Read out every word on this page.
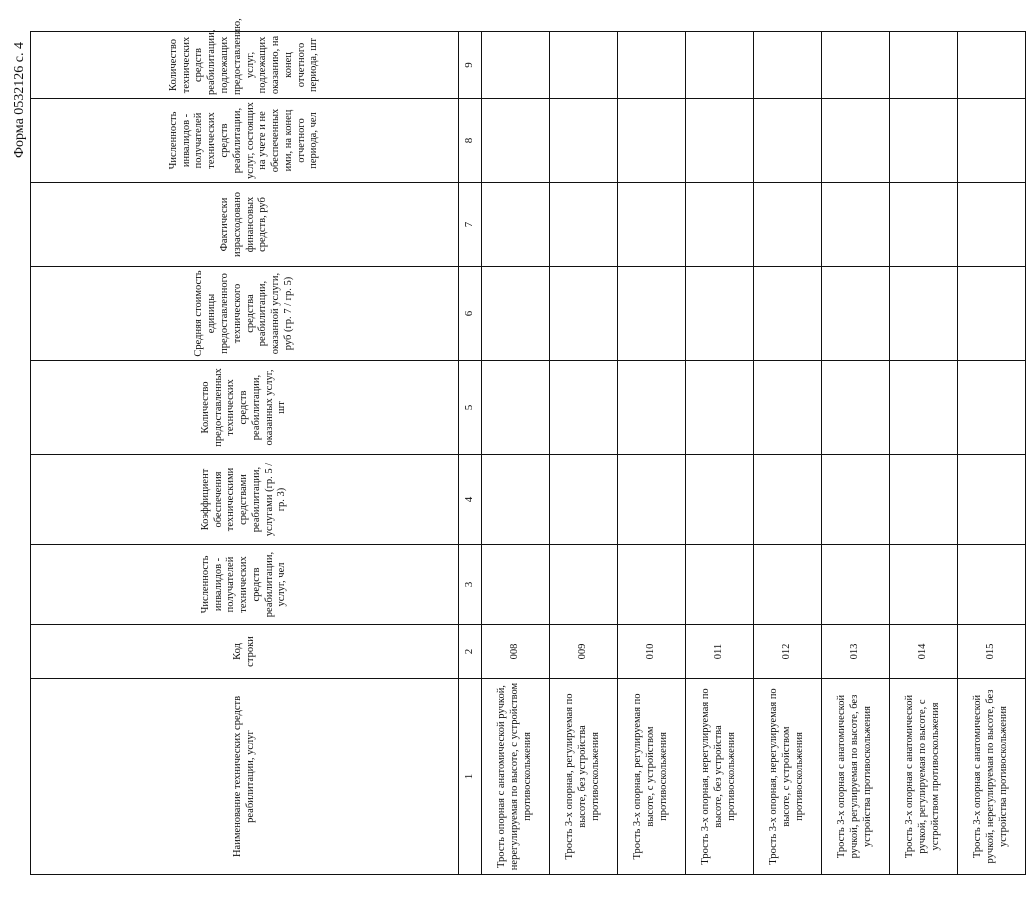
Форма 0532126 с. 4
Наименование технических средств реабилитации, услуг	Код строки	Численность инвалидов - получателей технических средств реабилитации, услуг, чел	Коэффициент обеспечения техническими средствами реабилитации, услугами (гр. 5 / гр. 3)	Количество предоставленных технических средств реабилитации, оказанных услуг, шт	Средняя стоимость единицы предоставленного технического средства реабилитации, оказанной услуги, руб (гр. 7 / гр. 5)	Фактически израсходовано финансовых средств, руб	Численность инвалидов - получателей технических средств реабилитации, услуг, состоящих на учете и не обеспеченных ими, на конец отчетного периода, чел	Количество технических средств реабилитации, подлежащих предоставлению, услуг, подлежащих оказанию, на конец отчетного периода, шт
1	2	3	4	5	6	7	8	9
Трость опорная с анатомической ручкой, нерегулируемая по высоте, с устройством противоскольжения	008							
Трость 3-х опорная, регулируемая по высоте, без устройства противоскольжения	009							
Трость 3-х опорная, регулируемая по высоте, с устройством противоскольжения	010							
Трость 3-х опорная, нерегулируемая по высоте, без устройства противоскольжения	011							
Трость 3-х опорная, нерегулируемая по высоте, с устройством противоскольжения	012							
Трость 3-х опорная с анатомической ручкой, регулируемая по высоте, без устройства противоскольжения	013							
Трость 3-х опорная с анатомической ручкой, регулируемая по высоте, с устройством противоскольжения	014							
Трость 3-х опорная с анатомической ручкой, нерегулируемая по высоте, без устройства противоскольжения	015							
